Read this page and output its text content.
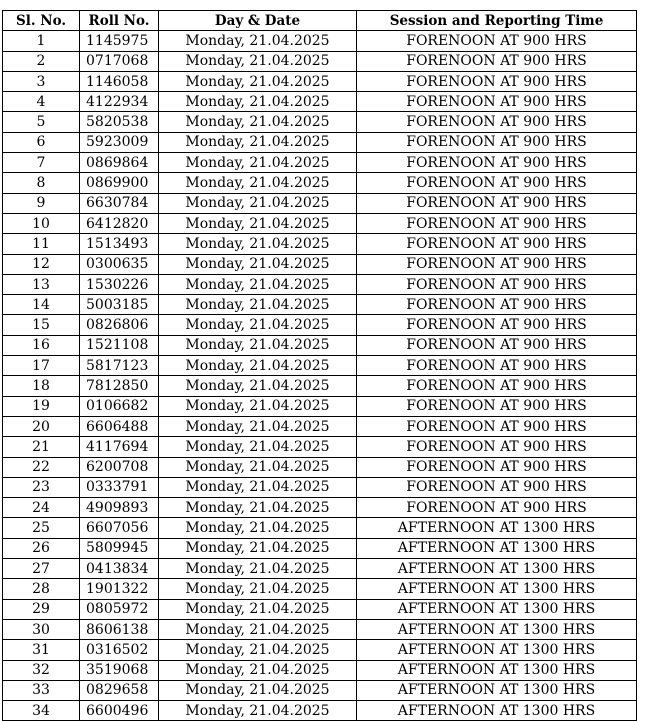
Sl. No.	Roll No.	Day & Date	Session and Reporting Time
1	1145975	Monday, 21.04.2025	FORENOON AT 900 HRS
2	0717068	Monday, 21.04.2025	FORENOON AT 900 HRS
3	1146058	Monday, 21.04.2025	FORENOON AT 900 HRS
4	4122934	Monday, 21.04.2025	FORENOON AT 900 HRS
5	5820538	Monday, 21.04.2025	FORENOON AT 900 HRS
6	5923009	Monday, 21.04.2025	FORENOON AT 900 HRS
7	0869864	Monday, 21.04.2025	FORENOON AT 900 HRS
8	0869900	Monday, 21.04.2025	FORENOON AT 900 HRS
9	6630784	Monday, 21.04.2025	FORENOON AT 900 HRS
10	6412820	Monday, 21.04.2025	FORENOON AT 900 HRS
11	1513493	Monday, 21.04.2025	FORENOON AT 900 HRS
12	0300635	Monday, 21.04.2025	FORENOON AT 900 HRS
13	1530226	Monday, 21.04.2025	FORENOON AT 900 HRS
14	5003185	Monday, 21.04.2025	FORENOON AT 900 HRS
15	0826806	Monday, 21.04.2025	FORENOON AT 900 HRS
16	1521108	Monday, 21.04.2025	FORENOON AT 900 HRS
17	5817123	Monday, 21.04.2025	FORENOON AT 900 HRS
18	7812850	Monday, 21.04.2025	FORENOON AT 900 HRS
19	0106682	Monday, 21.04.2025	FORENOON AT 900 HRS
20	6606488	Monday, 21.04.2025	FORENOON AT 900 HRS
21	4117694	Monday, 21.04.2025	FORENOON AT 900 HRS
22	6200708	Monday, 21.04.2025	FORENOON AT 900 HRS
23	0333791	Monday, 21.04.2025	FORENOON AT 900 HRS
24	4909893	Monday, 21.04.2025	FORENOON AT 900 HRS
25	6607056	Monday, 21.04.2025	AFTERNOON AT 1300 HRS
26	5809945	Monday, 21.04.2025	AFTERNOON AT 1300 HRS
27	0413834	Monday, 21.04.2025	AFTERNOON AT 1300 HRS
28	1901322	Monday, 21.04.2025	AFTERNOON AT 1300 HRS
29	0805972	Monday, 21.04.2025	AFTERNOON AT 1300 HRS
30	8606138	Monday, 21.04.2025	AFTERNOON AT 1300 HRS
31	0316502	Monday, 21.04.2025	AFTERNOON AT 1300 HRS
32	3519068	Monday, 21.04.2025	AFTERNOON AT 1300 HRS
33	0829658	Monday, 21.04.2025	AFTERNOON AT 1300 HRS
34	6600496	Monday, 21.04.2025	AFTERNOON AT 1300 HRS
